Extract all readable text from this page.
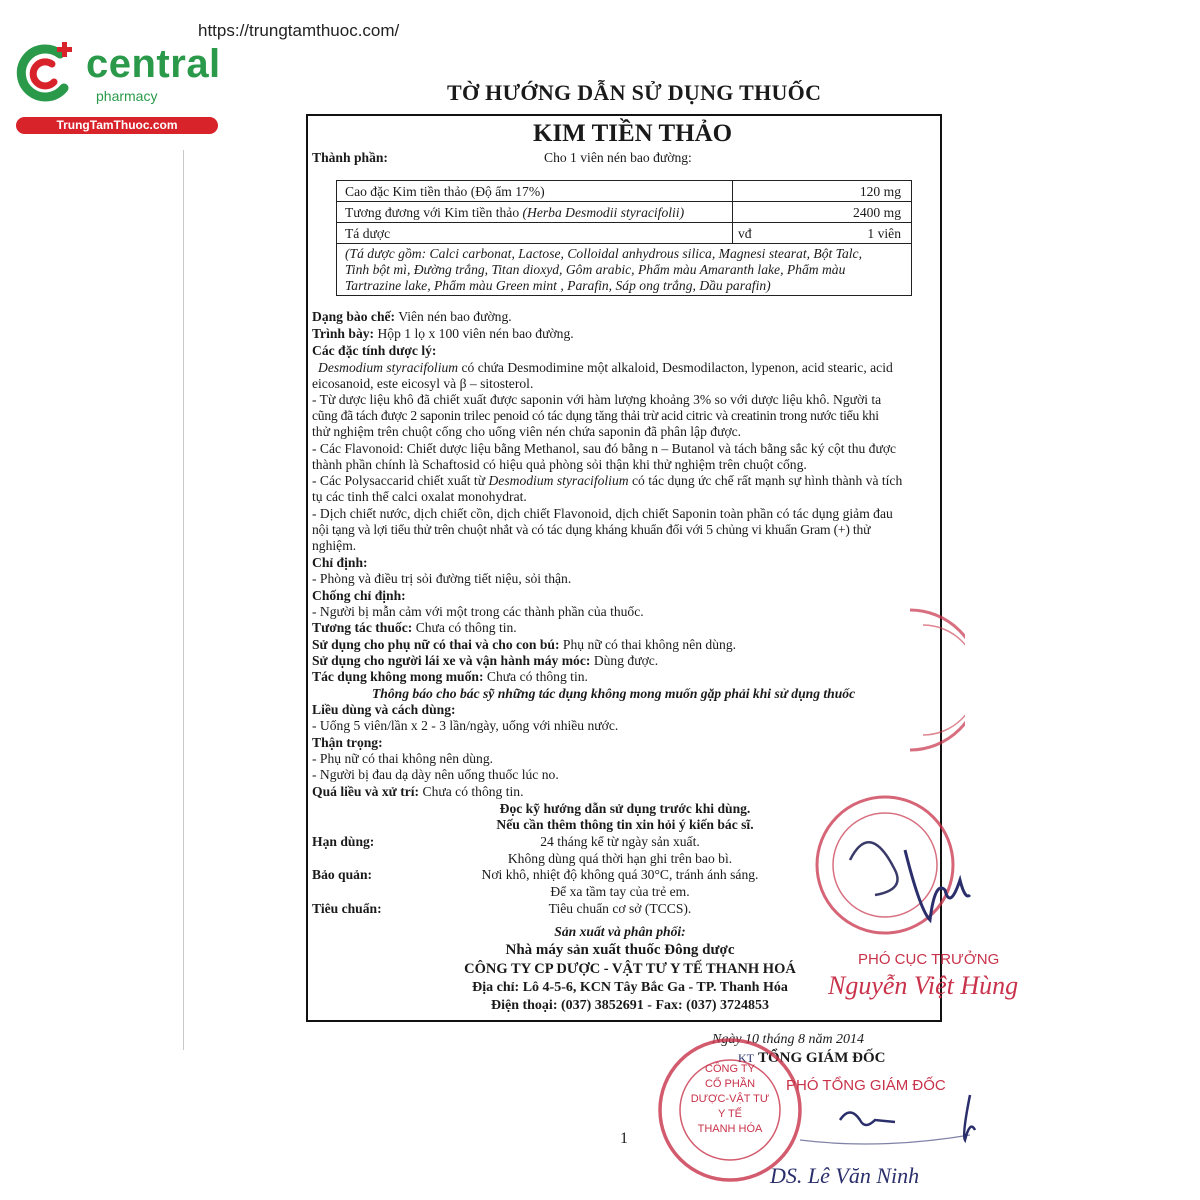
https://trungtamthuoc.com/
central
pharmacy
TrungTamThuoc.com
TỜ HƯỚNG DẪN SỬ DỤNG THUỐC
KIM TIỀN THẢO
Thành phần:	Cho 1 viên nén bao đường:
Cao đặc Kim tiền thảo (Độ ẩm 17%)	120 mg
Tương đương với Kim tiền thảo (Herba Desmodii styracifolii)	2400 mg
Tá dược	vđ	1 viên
(Tá dược gồm: Calci carbonat, Lactose, Colloidal anhydrous silica, Magnesi stearat, Bột Talc,
Tinh bột mì, Đường trắng, Titan dioxyd, Gôm arabic, Phẩm màu Amaranth lake, Phẩm màu
Tartrazine lake, Phẩm màu Green mint , Parafin, Sáp ong trắng, Dầu parafin)
Dạng bào chế: Viên nén bao đường.
Trình bày: Hộp 1 lọ x 100 viên nén bao đường.
Các đặc tính dược lý:
Desmodium styracifolium có chứa Desmodimine một alkaloid, Desmodilacton, lypenon, acid stearic, acid
eicosanoid, este eicosyl và β – sitosterol.
- Từ dược liệu khô đã chiết xuất được saponin với hàm lượng khoảng 3% so với dược liệu khô. Người ta
cũng đã tách được 2 saponin trilec penoid có tác dụng tăng thải trừ acid citric và creatinin trong nước tiểu khi
thử nghiệm trên chuột cống cho uống viên nén chứa saponin đã phân lập được.
- Các Flavonoid: Chiết dược liệu bằng Methanol, sau đó bằng n – Butanol và tách bằng sắc ký cột thu được
thành phần chính là Schaftosid có hiệu quả phòng sỏi thận khi thử nghiệm trên chuột cống.
- Các Polysaccarid chiết xuất từ Desmodium styracifolium có tác dụng ức chế rất mạnh sự hình thành và tích
tụ các tinh thể calci oxalat monohydrat.
- Dịch chiết nước, dịch chiết cồn, dịch chiết Flavonoid, dịch chiết Saponin toàn phần có tác dụng giảm đau
nội tạng và lợi tiểu thử trên chuột nhắt và có tác dụng kháng khuẩn đối với 5 chủng vi khuẩn Gram (+) thử
nghiệm.
Chỉ định:
- Phòng và điều trị sỏi đường tiết niệu, sỏi thận.
Chống chỉ định:
- Người bị mẫn cảm với một trong các thành phần của thuốc.
Tương tác thuốc: Chưa có thông tin.
Sử dụng cho phụ nữ có thai và cho con bú: Phụ nữ có thai không nên dùng.
Sử dụng cho người lái xe và vận hành máy móc: Dùng được.
Tác dụng không mong muốn: Chưa có thông tin.
Thông báo cho bác sỹ những tác dụng không mong muốn gặp phải khi sử dụng thuốc
Liều dùng và cách dùng:
- Uống 5 viên/lần x 2 - 3 lần/ngày, uống với nhiều nước.
Thận trọng:
- Phụ nữ có thai không nên dùng.
- Người bị đau dạ dày nên uống thuốc lúc no.
Quá liều và xử trí: Chưa có thông tin.
Đọc kỹ hướng dẫn sử dụng trước khi dùng.
Nếu cần thêm thông tin xin hỏi ý kiến bác sĩ.
Hạn dùng:	24 tháng kể từ ngày sản xuất.
Không dùng quá thời hạn ghi trên bao bì.
Bảo quản:	Nơi khô, nhiệt độ không quá 30°C, tránh ánh sáng.
Để xa tầm tay của trẻ em.
Tiêu chuẩn:	Tiêu chuẩn cơ sở (TCCS).
Sản xuất và phân phối:
Nhà máy sản xuất thuốc Đông dược
CÔNG TY CP DƯỢC - VẬT TƯ Y TẾ THANH HOÁ
Địa chỉ: Lô 4-5-6, KCN Tây Bắc Ga - TP. Thanh Hóa
Điện thoại: (037) 3852691 - Fax: (037) 3724853
PHÓ CỤC TRƯỞNG
Nguyễn Việt Hùng
Ngày 10 tháng 8 năm 2014
KT TỔNG GIÁM ĐỐC
PHÓ TỔNG GIÁM ĐỐC
CÔNG TY
CỔ PHẦN
DƯỢC-VẬT TƯ
Y TẾ
THANH HÓA
DS. Lê Văn Ninh
1
